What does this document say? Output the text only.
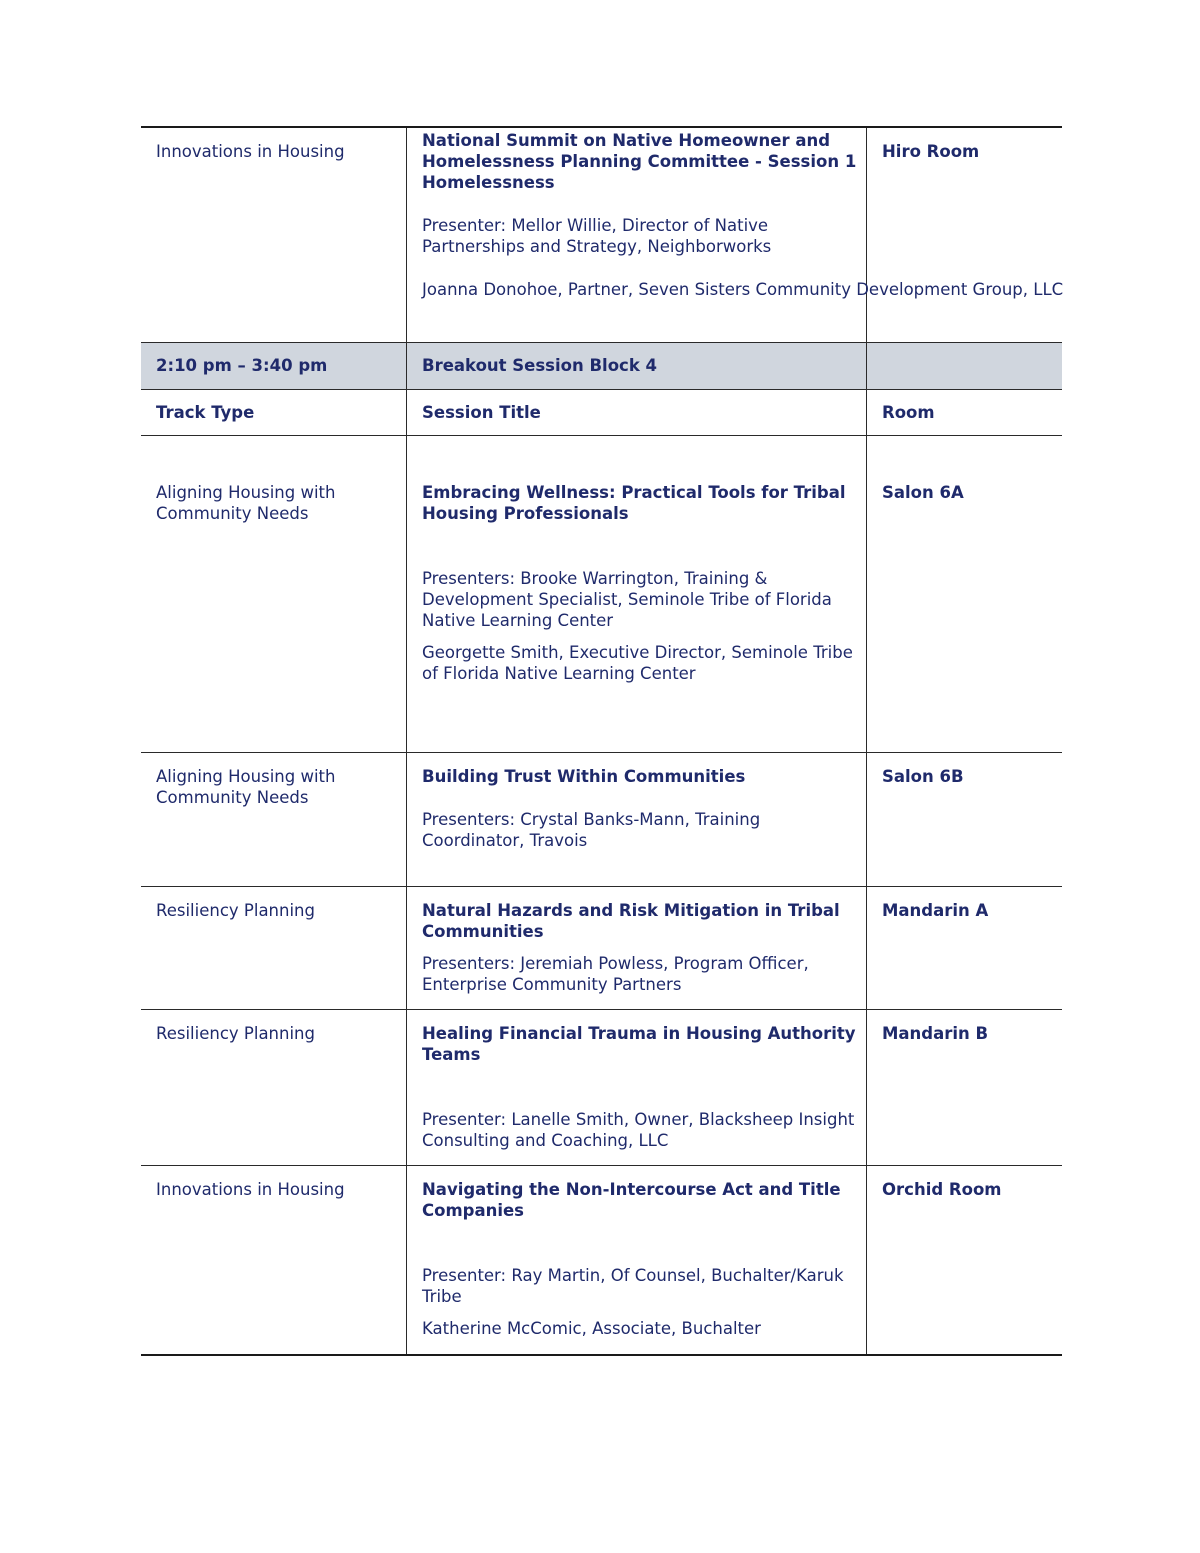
Innovations in Housing	National Summit on Native Homeowner and Homelessness Planning Committee - Session 1 Homelessness

Presenter: Mellor Willie, Director of Native Partnerships and Strategy, Neighborworks

Joanna Donohoe, Partner, Seven Sisters Community Development Group, LLC	Hiro Room

2:10 pm – 3:40 pm	Breakout Session Block 4	

Track Type	Session Title	Room

Aligning Housing with Community Needs	Embracing Wellness: Practical Tools for Tribal Housing Professionals

Presenters: Brooke Warrington, Training & Development Specialist, Seminole Tribe of Florida Native Learning Center

Georgette Smith, Executive Director, Seminole Tribe of Florida Native Learning Center	Salon 6A

Aligning Housing with Community Needs	Building Trust Within Communities

Presenters: Crystal Banks-Mann, Training Coordinator, Travois	Salon 6B

Resiliency Planning	Natural Hazards and Risk Mitigation in Tribal Communities

Presenters: Jeremiah Powless, Program Officer, Enterprise Community Partners	Mandarin A

Resiliency Planning	Healing Financial Trauma in Housing Authority Teams

Presenter: Lanelle Smith, Owner, Blacksheep Insight Consulting and Coaching, LLC	Mandarin B

Innovations in Housing	Navigating the Non-Intercourse Act and Title Companies

Presenter: Ray Martin, Of Counsel, Buchalter/Karuk Tribe

Katherine McComic, Associate, Buchalter	Orchid Room
